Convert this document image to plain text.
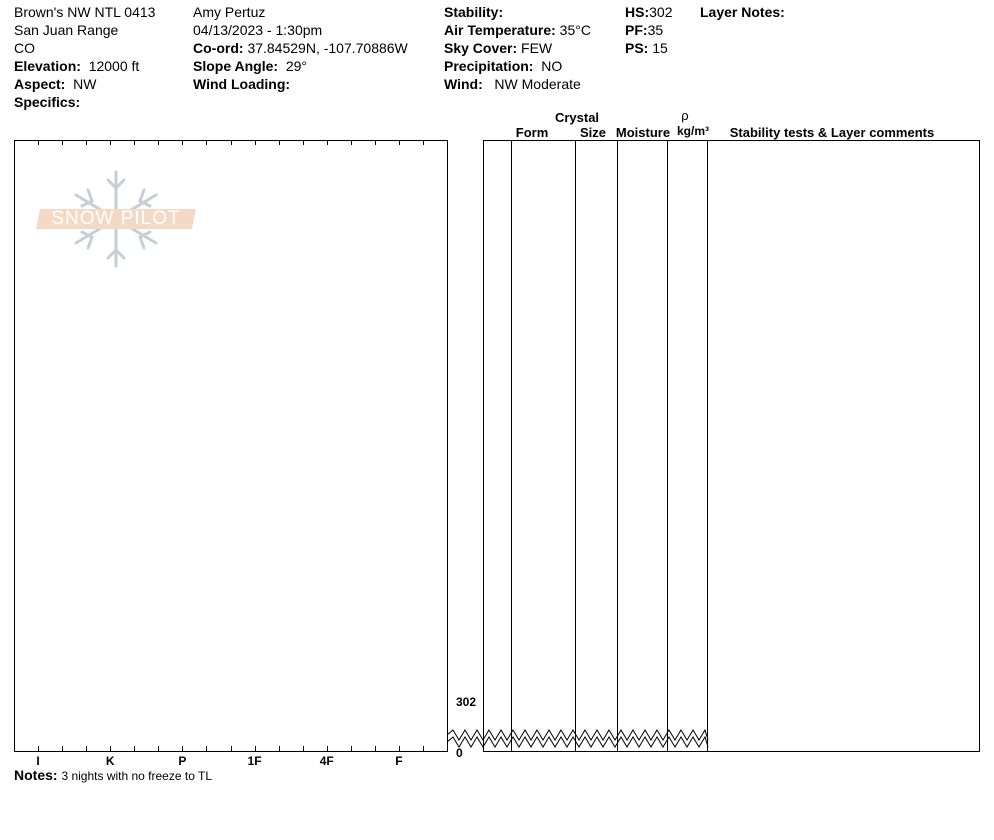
Brown's NW NTL 0413
San Juan Range
CO
Elevation: 12000 ft
Aspect: NW
Specifics:
Amy Pertuz
04/13/2023 - 1:30pm
Co-ord: 37.84529N, -107.70886W
Slope Angle: 29°
Wind Loading:
Stability:
Air Temperature: 35°C
Sky Cover: FEW
Precipitation: NO
Wind: NW Moderate
HS:302
PF:35
PS: 15
Layer Notes:
Crystal
Form	Size Moisture
ρ
kg/m³	Stability tests & Layer comments
SNOW PILOT
302
0
I	K	P	1F	4F	F
Notes: 3 nights with no freeze to TL
